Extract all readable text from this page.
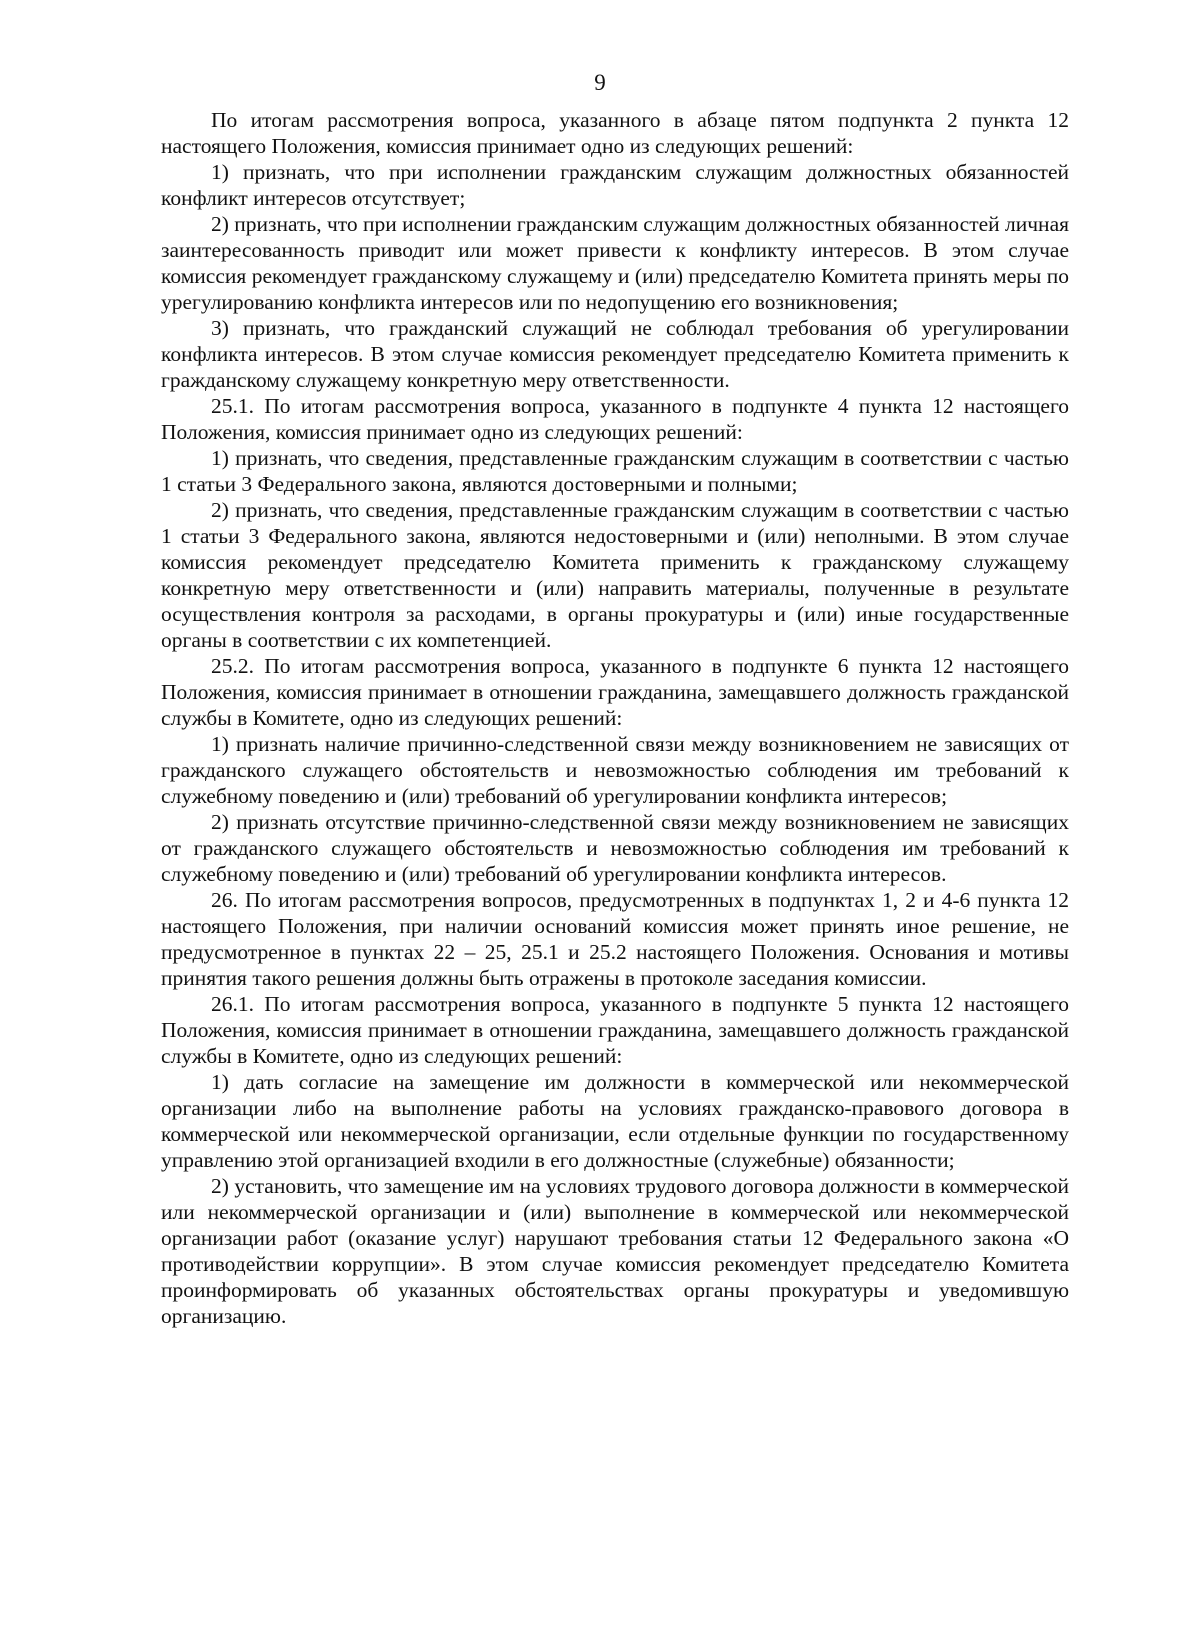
9

По итогам рассмотрения вопроса, указанного в абзаце пятом подпункта 2 пункта 12 настоящего Положения, комиссия принимает одно из следующих решений:

1) признать, что при исполнении гражданским служащим должностных обязанностей конфликт интересов отсутствует;

2) признать, что при исполнении гражданским служащим должностных обязанностей личная заинтересованность приводит или может привести к конфликту интересов. В этом случае комиссия рекомендует гражданскому служащему и (или) председателю Комитета принять меры по урегулированию конфликта интересов или по недопущению его возникновения;

3) признать, что гражданский служащий не соблюдал требования об урегулировании конфликта интересов. В этом случае комиссия рекомендует председателю Комитета применить к гражданскому служащему конкретную меру ответственности.

25.1. По итогам рассмотрения вопроса, указанного в подпункте 4 пункта 12 настоящего Положения, комиссия принимает одно из следующих решений:

1) признать, что сведения, представленные гражданским служащим в соответствии с частью 1 статьи 3 Федерального закона, являются достоверными и полными;

2) признать, что сведения, представленные гражданским служащим в соответствии с частью 1 статьи 3 Федерального закона, являются недостоверными и (или) неполными. В этом случае комиссия рекомендует председателю Комитета применить к гражданскому служащему конкретную меру ответственности и (или) направить материалы, полученные в результате осуществления контроля за расходами, в органы прокуратуры и (или) иные государственные органы в соответствии с их компетенцией.

25.2. По итогам рассмотрения вопроса, указанного в подпункте 6 пункта 12 настоящего Положения, комиссия принимает в отношении гражданина, замещавшего должность гражданской службы в Комитете, одно из следующих решений:

1) признать наличие причинно-следственной связи между возникновением не зависящих от гражданского служащего обстоятельств и невозможностью соблюдения им требований к служебному поведению и (или) требований об урегулировании конфликта интересов;

2) признать отсутствие причинно-следственной связи между возникновением не зависящих от гражданского служащего обстоятельств и невозможностью соблюдения им требований к служебному поведению и (или) требований об урегулировании конфликта интересов.

26. По итогам рассмотрения вопросов, предусмотренных в подпунктах 1, 2 и 4-6 пункта 12 настоящего Положения, при наличии оснований комиссия может принять иное решение, не предусмотренное в пунктах 22 – 25, 25.1 и 25.2 настоящего Положения. Основания и мотивы принятия такого решения должны быть отражены в протоколе заседания комиссии.

26.1. По итогам рассмотрения вопроса, указанного в подпункте 5 пункта 12 настоящего Положения, комиссия принимает в отношении гражданина, замещавшего должность гражданской службы в Комитете, одно из следующих решений:

1) дать согласие на замещение им должности в коммерческой или некоммерческой организации либо на выполнение работы на условиях гражданско-правового договора в коммерческой или некоммерческой организации, если отдельные функции по государственному управлению этой организацией входили в его должностные (служебные) обязанности;

2) установить, что замещение им на условиях трудового договора должности в коммерческой или некоммерческой организации и (или) выполнение в коммерческой или некоммерческой организации работ (оказание услуг) нарушают требования статьи 12 Федерального закона «О противодействии коррупции». В этом случае комиссия рекомендует председателю Комитета проинформировать об указанных обстоятельствах органы прокуратуры и уведомившую организацию.
